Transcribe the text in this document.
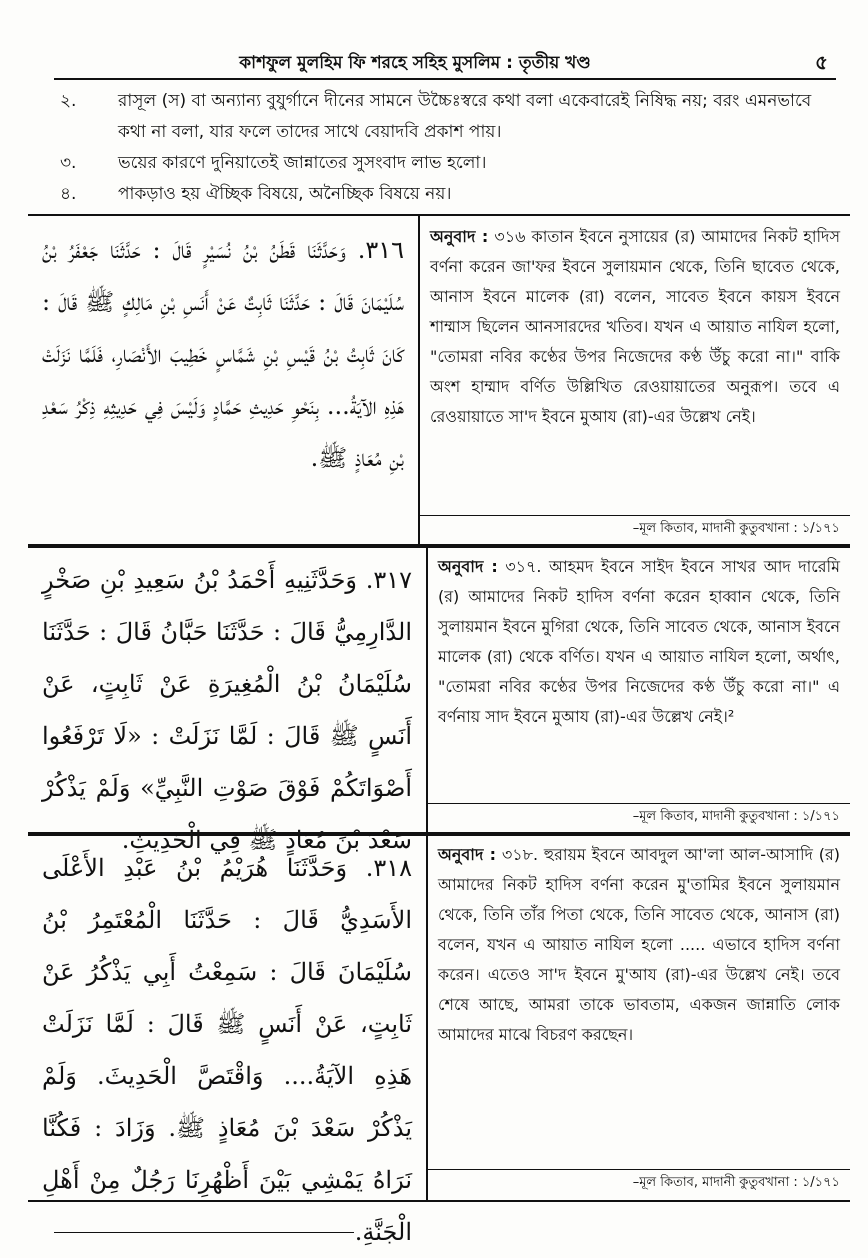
কাশফুল মুলহিম ফি শরহে সহিহ মুসলিম : তৃতীয় খণ্ড	৫
২.	রাসূল (স) বা অন্যান্য বুযুর্গানে দীনের সামনে উচ্চৈঃস্বরে কথা বলা একেবারেই নিষিদ্ধ নয়; বরং এমনভাবে কথা না বলা, যার ফলে তাদের সাথে বেয়াদবি প্রকাশ পায়।
৩.	ভয়ের কারণে দুনিয়াতেই জান্নাতের সুসংবাদ লাভ হলো।
৪.	পাকড়াও হয় ঐচ্ছিক বিষয়ে, অনৈচ্ছিক বিষয়ে নয়।
٣١٦. وَحَدَّثَنَا قَطَنُ بْنُ نُسَيْرٍ قَالَ : حَدَّثَنَا جَعْفَرُ بْنُ سُلَيْمَانَ قَالَ : حَدَّثَنَا ثَابِتٌ عَنْ أَنَسِ بْنِ مَالِكٍ ﷺ قَالَ : كَانَ ثَابِتُ بْنُ قَيْسِ بْنِ شَمَّاسٍ خَطِيبَ الأَنْصَارِ، فَلَمَّا نَزَلَتْ هَذِهِ الآيَةُ... بِنَحْوِ حَدِيثِ حَمَّادٍ وَلَيْسَ فِي حَدِيثِهِ ذِكْرُ سَعْدِ بْنِ مُعَاذٍ ﷺ.

অনুবাদ : ৩১৬ কাতান ইবনে নুসায়ের (র) আমাদের নিকট হাদিস বর্ণনা করেন জা'ফর ইবনে সুলায়মান থেকে, তিনি ছাবেত থেকে, আনাস ইবনে মালেক (রা) বলেন, সাবেত ইবনে কায়স ইবনে শাম্মাস ছিলেন আনসারদের খতিব। যখন এ আয়াত নাযিল হলো, "তোমরা নবির কণ্ঠের উপর নিজেদের কণ্ঠ উঁচু করো না।" বাকি অংশ হাম্মাদ বর্ণিত উল্লিখিত রেওয়ায়াতের অনুরূপ। তবে এ রেওয়ায়াতে সা'দ ইবনে মুআয (রা)-এর উল্লেখ নেই।

–মূল কিতাব, মাদানী কুতুবখানা : ১/১৭১
٣١٧. وَحَدَّثَنِيهِ أَحْمَدُ بْنُ سَعِيدِ بْنِ صَخْرٍ الدَّارِمِيُّ قَالَ : حَدَّثَنَا حَبَّانُ قَالَ : حَدَّثَنَا سُلَيْمَانُ بْنُ الْمُغِيرَةِ عَنْ ثَابِتٍ، عَنْ أَنَسٍ ﷺ قَالَ : لَمَّا نَزَلَتْ : «لَا تَرْفَعُوا أَصْوَاتَكُمْ فَوْقَ صَوْتِ النَّبِيِّ» وَلَمْ يَذْكُرْ سَعْدَ بْنَ مُعَاذٍ ﷺ فِي الْحَدِيثِ.

অনুবাদ : ৩১৭. আহমদ ইবনে সাইদ ইবনে সাখর আদ দারেমি (র) আমাদের নিকট হাদিস বর্ণনা করেন হাব্বান থেকে, তিনি সুলায়মান ইবনে মুগিরা থেকে, তিনি সাবেত থেকে, আনাস ইবনে মালেক (রা) থেকে বর্ণিত। যখন এ আয়াত নাযিল হলো, অর্থাৎ, "তোমরা নবির কণ্ঠের উপর নিজেদের কণ্ঠ উঁচু করো না।" এ বর্ণনায় সাদ ইবনে মুআয (রা)-এর উল্লেখ নেই।²

–মূল কিতাব, মাদানী কুতুবখানা : ১/১৭১
٣١٨. وَحَدَّثَنَا هُرَيْمُ بْنُ عَبْدِ الأَعْلَى الأَسَدِيُّ قَالَ : حَدَّثَنَا الْمُعْتَمِرُ بْنُ سُلَيْمَانَ قَالَ : سَمِعْتُ أَبِي يَذْكُرُ عَنْ ثَابِتٍ، عَنْ أَنَسٍ ﷺ قَالَ : لَمَّا نَزَلَتْ هَذِهِ الآيَةُ.... وَاقْتَصَّ الْحَدِيثَ. وَلَمْ يَذْكُرْ سَعْدَ بْنَ مُعَاذٍ ﷺ. وَزَادَ : فَكُنَّا نَرَاهُ يَمْشِي بَيْنَ أَظْهُرِنَا رَجُلٌ مِنْ أَهْلِ الْجَنَّةِ.

অনুবাদ : ৩১৮. হুরায়ম ইবনে আবদুল আ'লা আল-আসাদি (র) আমাদের নিকট হাদিস বর্ণনা করেন মু'তামির ইবনে সুলায়মান থেকে, তিনি তাঁর পিতা থেকে, তিনি সাবেত থেকে, আনাস (রা) বলেন, যখন এ আয়াত নাযিল হলো ..... এভাবে হাদিস বর্ণনা করেন। এতেও সা'দ ইবনে মু'আয (রা)-এর উল্লেখ নেই। তবে শেষে আছে, আমরা তাকে ভাবতাম, একজন জান্নাতি লোক আমাদের মাঝে বিচরণ করছেন।

–মূল কিতাব, মাদানী কুতুবখানা : ১/১৭১
